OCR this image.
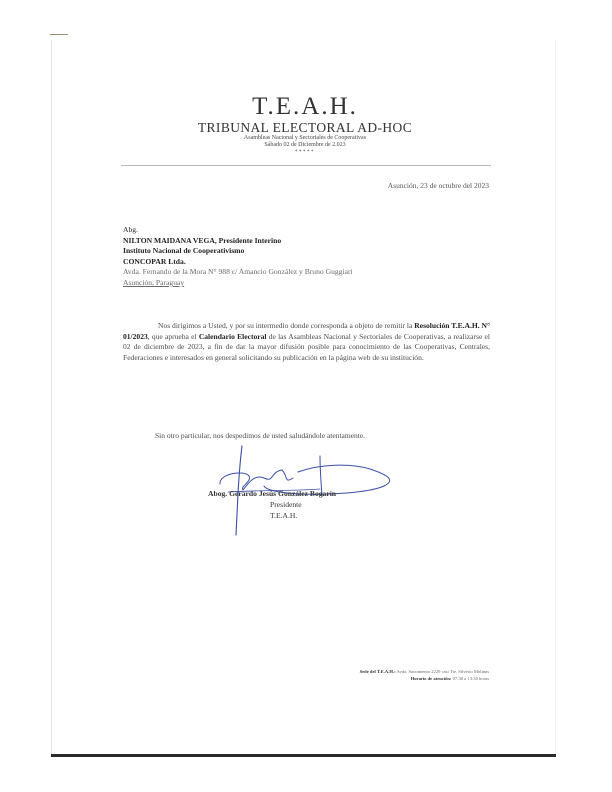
T.E.A.H.
TRIBUNAL ELECTORAL AD-HOC
Asambleas Nacional y Sectoriales de Cooperativas
Sábado 02 de Diciembre de 2.023
*****
Asunción, 23 de octubre del 2023
Abg.
NILTON MAIDANA VEGA, Presidente Interino
Instituto Nacional de Cooperativismo
CONCOPAR Ltda.
Avda. Fernando de la Mora N° 988 c/ Amancio González y Bruno Guggiari
Asunción, Paraguay
Nos dirigimos a Usted, y por su intermedio donde corresponda a objeto de remitir la Resolución T.E.A.H. N° 01/2023, que aprueba el Calendario Electoral de las Asambleas Nacional y Sectoriales de Cooperativas, a realizarse el 02 de diciembre de 2023, a fin de dar la mayor difusión posible para conocimiento de las Cooperativas, Centrales, Federaciones e interesados en general solicitando su publicación en la página web de su institución.
Sin otro particular, nos despedimos de usted saludándole atentamente.
Abog. Gerardo Jesús González Bogarín
Presidente
T.E.A.H.
Sede del T.E.A.H.: Avda. Sacramento 2229 casi Tte. Silverio Molinas
Horario de atención: 07:30 a 13:30 horas
